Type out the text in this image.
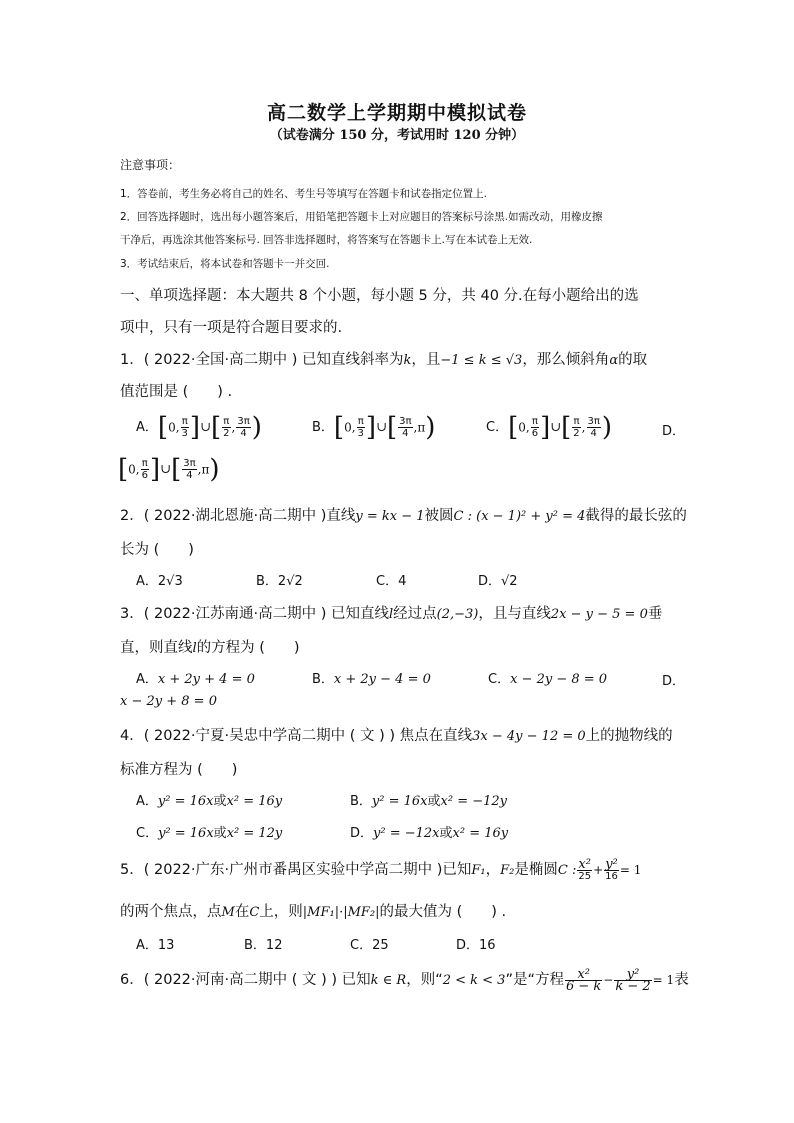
高二数学上学期期中模拟试卷
（试卷满分 150 分，考试用时 120 分钟）
注意事项：
1．答卷前，考生务必将自己的姓名、考生号等填写在答题卡和试卷指定位置上.
2．回答选择题时，选出每小题答案后，用铅笔把答题卡上对应题目的答案标号涂黑.如需改动，用橡皮擦
干净后，再选涂其他答案标号. 回答非选择题时，将答案写在答题卡上.写在本试卷上无效.
3．考试结束后，将本试卷和答题卡一并交回.
一、单项选择题：本大题共 8 个小题，每小题 5 分，共 40 分.在每小题给出的选
项中，只有一项是符合题目要求的.
1．( 2022·全国·高二期中 ) 已知直线斜率为k，且−1 ≤ k ≤ √3，那么倾斜角α的取
值范围是 (　　) .
A．[0, $\frac{\pi}{3}$ ]∪[ $\frac{\pi}{2}$ , $\frac{3\pi}{4}$ )	B．[0, $\frac{\pi}{3}$ ]∪[ $\frac{3\pi}{4} ,\pi$)	C．[0, $\frac{\pi}{6}$ ]∪[ $\frac{\pi}{2}$ , $\frac{3\pi}{4}$ )	D．
[0, $\frac{\pi}{6}$ ]∪[ $\frac{3\pi}{4} ,\pi$)
2．( 2022·湖北恩施·高二期中 )直线y = kx − 1被圆C : (x − 1)² + y² = 4截得的最长弦的
长为 (　　)
A．2√3	B．2√2	C．4	D．√2
3．( 2022·江苏南通·高二期中 ) 已知直线l经过点(2,−3)，且与直线2x − y − 5 = 0垂
直，则直线l的方程为 (　　)
A．x + 2y + 4 = 0	B．x + 2y − 4 = 0	C．x − 2y − 8 = 0	D．
x − 2y + 8 = 0
4．( 2022·宁夏·吴忠中学高二期中 ( 文 ) ) 焦点在直线3x − 4y − 12 = 0上的抛物线的
标准方程为 (　　)
A．y² = 16x或x² = 16y	B．y² = 16x或x² = −12y
C．y² = 16x或x² = 12y	D．y² = −12x或x² = 16y
5．( 2022·广东·广州市番禺区实验中学高二期中 )已知F₁，F₂是椭圆C : $\frac{\text{x²}}{25} + \frac{\text{y²}}{16} = 1$
的两个焦点，点M在C上，则|MF₁|·|MF₂|的最大值为 (　　) .
A．13	B．12	C．25	D．16
6．( 2022·河南·高二期中 ( 文 ) ) 已知k ∈ R，则“2 < k < 3”是“方程 $\frac{\text{x²}}{6 - k} - \frac{\text{y²}}{k - 2} = 1$表
